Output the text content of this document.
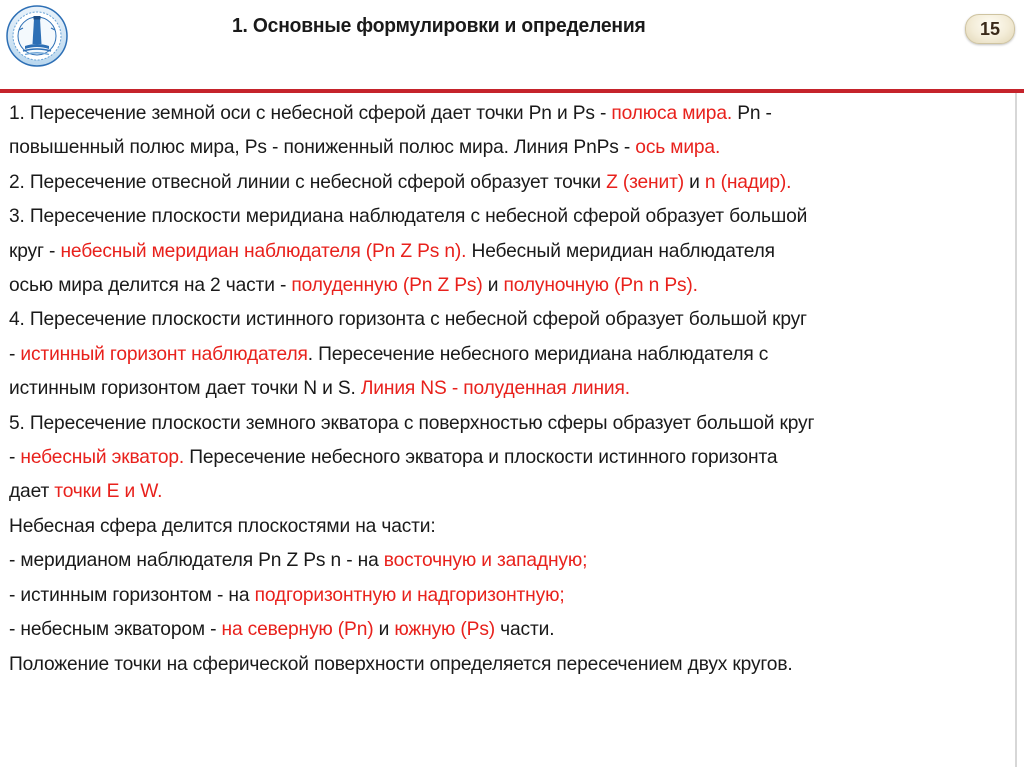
1. Основные формулировки и определения	15
1. Пересечение земной оси с небесной сферой дает точки Pn и Ps - полюса мира. Pn -
повышенный полюс мира, Ps - пониженный полюс мира. Линия PnPs - ось мира.
2. Пересечение отвесной линии с небесной сферой образует точки Z (зенит) и n (надир).
3. Пересечение плоскости меридиана наблюдателя с небесной сферой образует большой
круг - небесный меридиан наблюдателя (Pn Z Ps n). Небесный меридиан наблюдателя
осью мира делится на 2 части - полуденную (Pn Z Ps) и полуночную (Pn n Ps).
4. Пересечение плоскости истинного горизонта с небесной сферой образует большой круг
- истинный горизонт наблюдателя. Пересечение небесного меридиана наблюдателя с
истинным горизонтом дает точки N и S. Линия NS - полуденная линия.
5. Пересечение плоскости земного экватора с поверхностью сферы образует большой круг
- небесный экватор. Пересечение небесного экватора и плоскости истинного горизонта
дает точки E и W.
Небесная сфера делится плоскостями на части:
- меридианом наблюдателя Pn Z Ps n - на восточную и западную;
- истинным горизонтом - на подгоризонтную и надгоризонтную;
- небесным экватором - на северную (Pn) и южную (Ps) части.
Положение точки на сферической поверхности определяется пересечением двух кругов.
